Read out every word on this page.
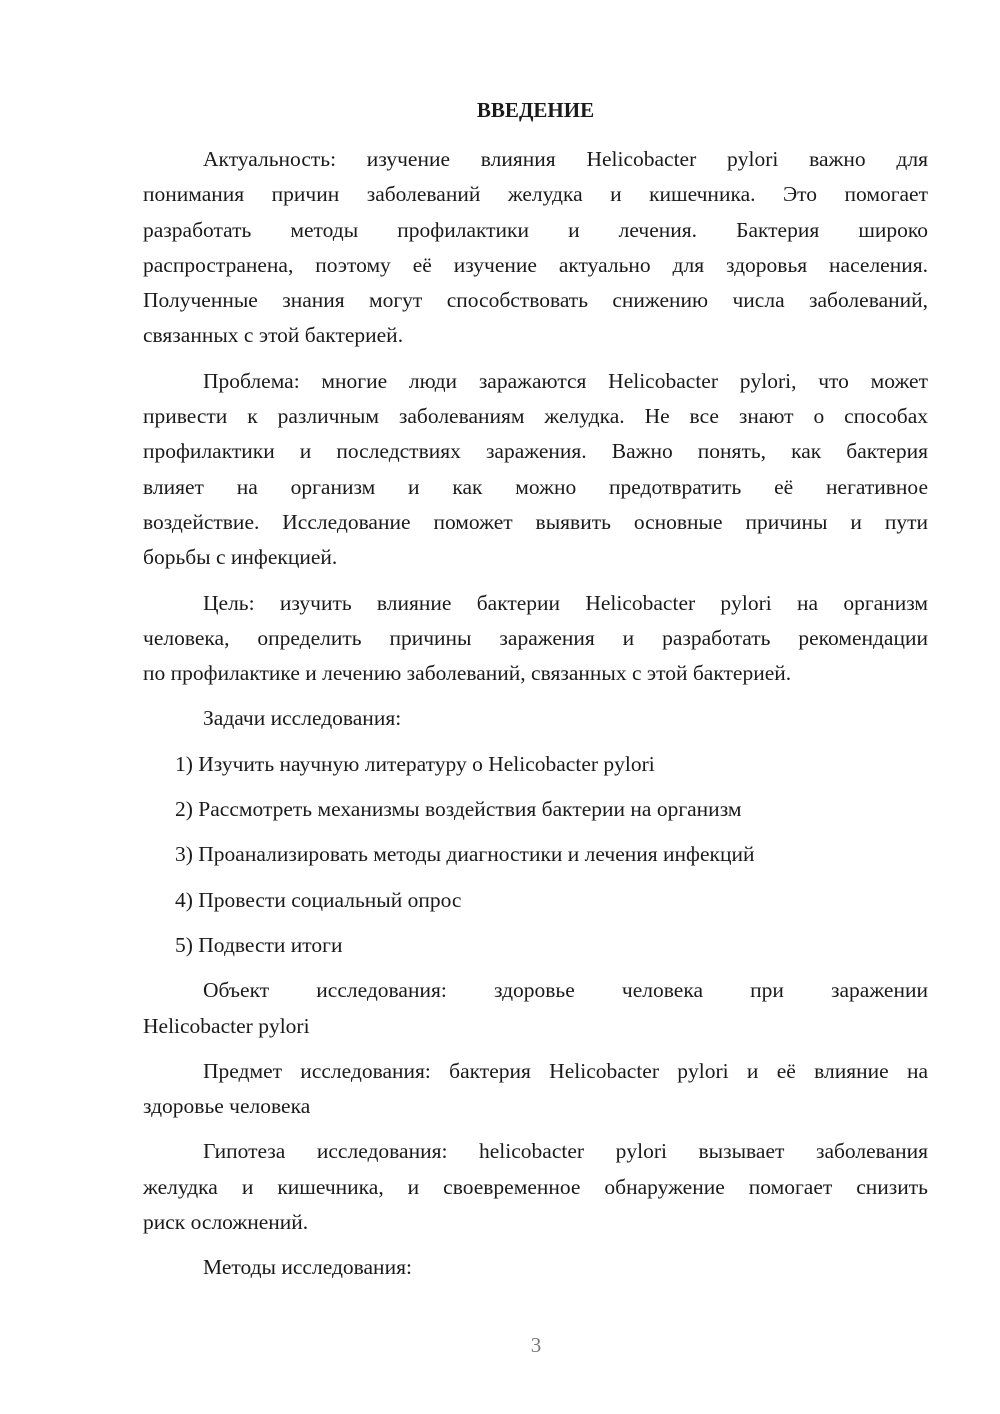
ВВЕДЕНИЕ
Актуальность: изучение влияния Helicobacter pylori важно для
понимания причин заболеваний желудка и кишечника. Это помогает
разработать методы профилактики и лечения. Бактерия широко
распространена, поэтому её изучение актуально для здоровья населения.
Полученные знания могут способствовать снижению числа заболеваний,
связанных с этой бактерией.
Проблема: многие люди заражаются Helicobacter pylori, что может
привести к различным заболеваниям желудка. Не все знают о способах
профилактики и последствиях заражения. Важно понять, как бактерия
влияет на организм и как можно предотвратить её негативное
воздействие. Исследование поможет выявить основные причины и пути
борьбы с инфекцией.
Цель: изучить влияние бактерии Helicobacter pylori на организм
человека, определить причины заражения и разработать рекомендации
по профилактике и лечению заболеваний, связанных с этой бактерией.
Задачи исследования:
1) Изучить научную литературу о Helicobacter pylori
2) Рассмотреть механизмы воздействия бактерии на организм
3) Проанализировать методы диагностики и лечения инфекций
4) Провести социальный опрос
5) Подвести итоги
Объект исследования: здоровье человека при заражении
Helicobacter pylori
Предмет исследования: бактерия Helicobacter pylori и её влияние на
здоровье человека
Гипотеза исследования: helicobacter pylori вызывает заболевания
желудка и кишечника, и своевременное обнаружение помогает снизить
риск осложнений.
Методы исследования:
3
